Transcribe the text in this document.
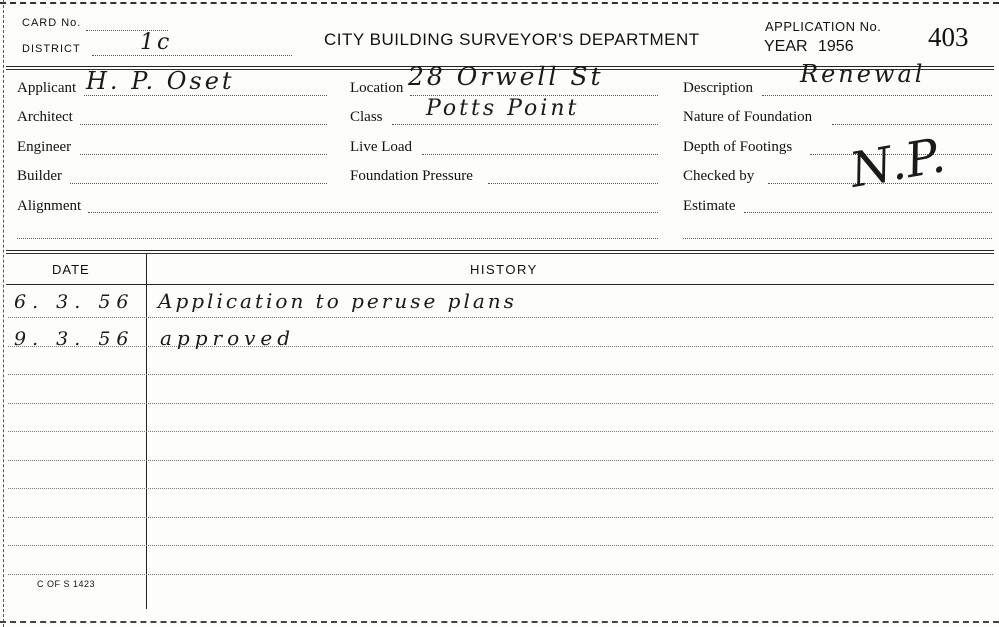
CARD No.
DISTRICT	1c	CITY BUILDING SURVEYOR'S DEPARTMENT
APPLICATION No.
YEAR 1956	403
Applicant H. P. Oset
Architect
Engineer
Builder
Alignment
Location 28 Orwell St
Class Potts Point
Live Load
Foundation Pressure
Description Renewal
Nature of Foundation
Depth of Footings
Checked by N.P.
Estimate
DATE	HISTORY
6. 3. 56 Application to peruse plans
9. 3. 56 approved
C OF S 1423
